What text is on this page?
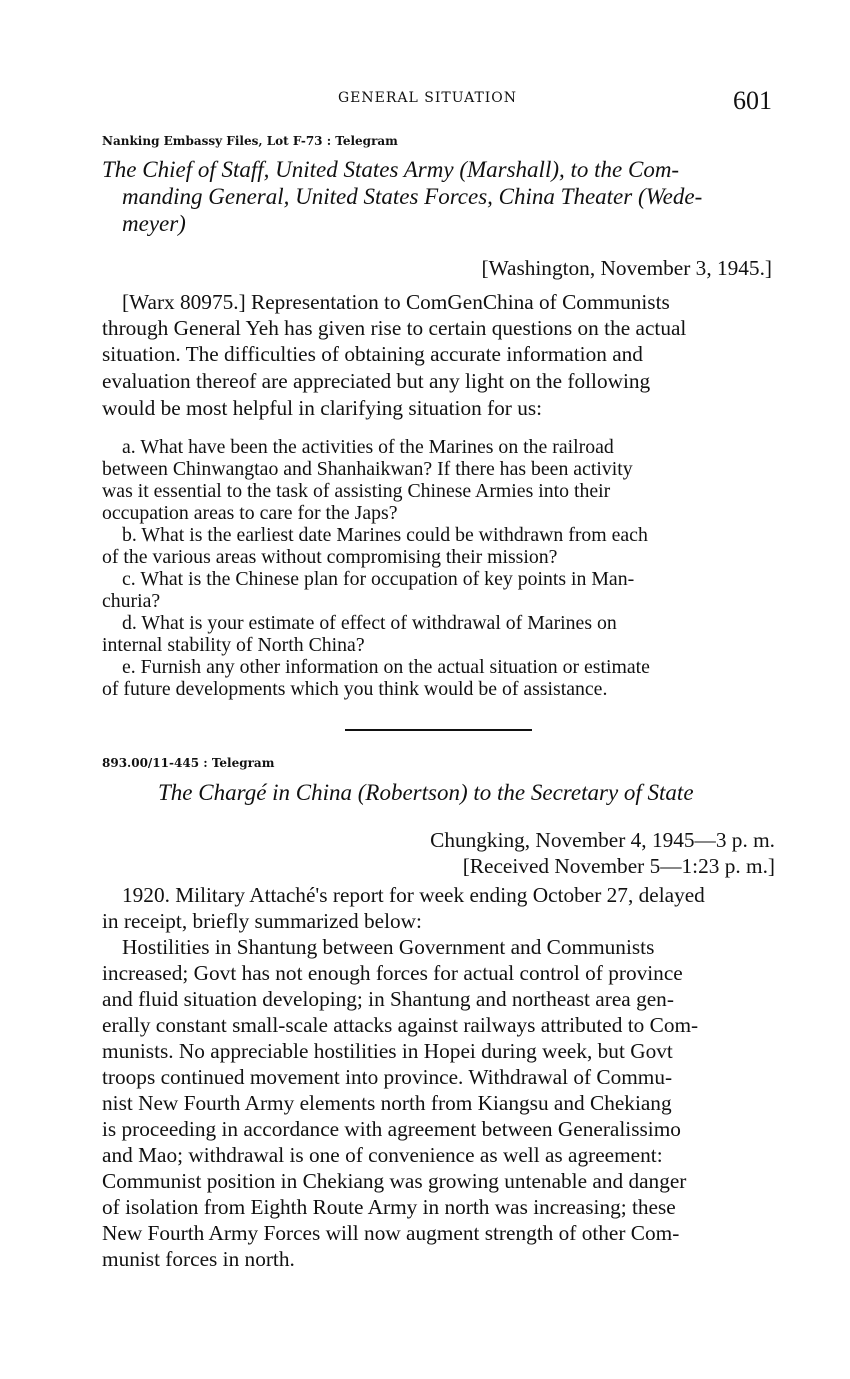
GENERAL SITUATION	601
Nanking Embassy Files, Lot F-73 : Telegram
The Chief of Staff, United States Army (Marshall), to the Com-
manding General, United States Forces, China Theater (Wede-
meyer)
[Washington, November 3, 1945.]
[Warx 80975.] Representation to ComGenChina of Communists
through General Yeh has given rise to certain questions on the actual
situation. The difficulties of obtaining accurate information and
evaluation thereof are appreciated but any light on the following
would be most helpful in clarifying situation for us:
a. What have been the activities of the Marines on the railroad
between Chinwangtao and Shanhaikwan? If there has been activity
was it essential to the task of assisting Chinese Armies into their
occupation areas to care for the Japs?
b. What is the earliest date Marines could be withdrawn from each
of the various areas without compromising their mission?
c. What is the Chinese plan for occupation of key points in Man-
churia?
d. What is your estimate of effect of withdrawal of Marines on
internal stability of North China?
e. Furnish any other information on the actual situation or estimate
of future developments which you think would be of assistance.
893.00/11-445 : Telegram
The Chargé in China (Robertson) to the Secretary of State
Chungking, November 4, 1945—3 p. m.
[Received November 5—1:23 p. m.]
1920. Military Attaché's report for week ending October 27, delayed
in receipt, briefly summarized below:
Hostilities in Shantung between Government and Communists
increased; Govt has not enough forces for actual control of province
and fluid situation developing; in Shantung and northeast area gen-
erally constant small-scale attacks against railways attributed to Com-
munists. No appreciable hostilities in Hopei during week, but Govt
troops continued movement into province. Withdrawal of Commu-
nist New Fourth Army elements north from Kiangsu and Chekiang
is proceeding in accordance with agreement between Generalissimo
and Mao; withdrawal is one of convenience as well as agreement:
Communist position in Chekiang was growing untenable and danger
of isolation from Eighth Route Army in north was increasing; these
New Fourth Army Forces will now augment strength of other Com-
munist forces in north.
